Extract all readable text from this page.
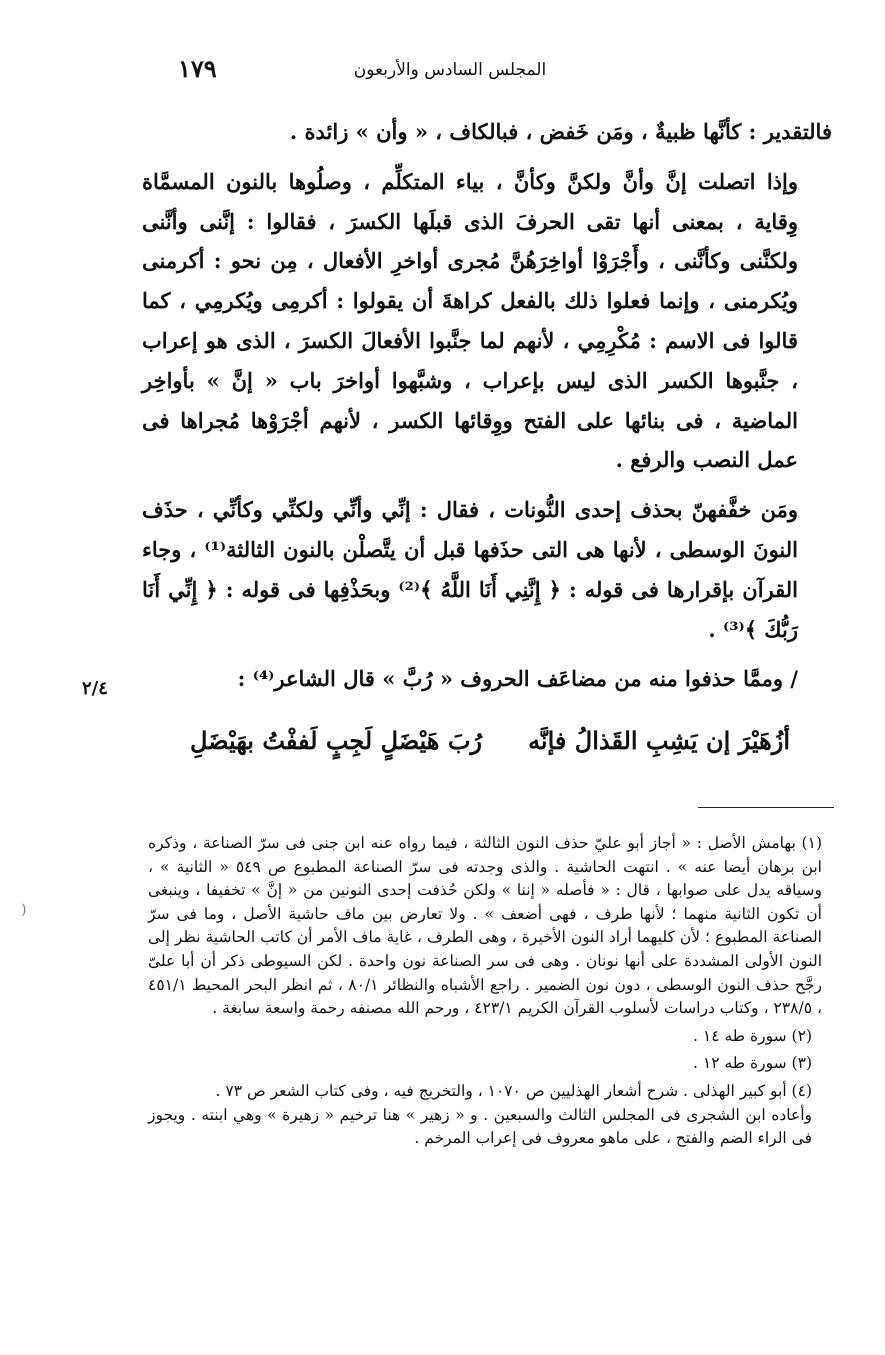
١٧٩	المجلس السادس والأربعون

فالتقدير : كأنَّها ظبيةٌ ، ومَن خَفض ، فبالكاف ، « وأن » زائدة .

وإذا اتصلت إنَّ وأنَّ ولكنَّ وكأنَّ ، بياء المتكلِّم ، وصلُوها بالنون المسمَّاة وِقاية ، بمعنى أنها تقى الحرفَ الذى قبلَها الكسرَ ، فقالوا : إنَّنى وأنَّنى ولكنَّنى وكأنَّنى ، وأَجْرَوْا أواخِرَهُنَّ مُجرى أواخرِ الأفعال ، مِن نحو : أكرمنى ويُكرمنى ، وإنما فعلوا ذلك بالفعل كراهةَ أن يقولوا : أكرمِى ويُكرمِي ، كما قالوا فى الاسم : مُكْرِمِي ، لأنهم لما جنَّبوا الأفعالَ الكسرَ ، الذى هو إعراب ، جنَّبوها الكسر الذى ليس بإعراب ، وشبَّهوا أواخرَ باب « إنَّ » بأواخِر الماضية ، فى بنائها على الفتح ووِقائها الكسر ، لأنهم أجْرَوْها مُجراها فى عمل النصب والرفع .

ومَن خفَّفهنّ بحذف إحدى النُّونات ، فقال : إنِّي وأنِّي ولكنِّي وكأنِّي ، حذَف النونَ الوسطى ، لأنها هى التى حذَفها قبل أن يتَّصلْن بالنون الثالثة⁽¹⁾ ، وجاء القرآن بإقرارها فى قوله : ﴿ إِنَّنِي أَنَا اللَّهُ ﴾⁽²⁾ وبحَذْفِها فى قوله : ﴿ إِنِّي أَنَا رَبُّكَ ﴾⁽³⁾ .

/ وممَّا حذفوا منه من مضاعَف الحروف « رُبَّ » قال الشاعر⁽⁴⁾ :

٢/٤
أزُهَيْرَ إن يَشِبِ القَذالُ فإنَّه
رُبَ هَيْضَلٍ لَجِبٍ لَففْتُ بهَيْضَلِ

(١) بهامش الأصل : « أجاز أبو عليّ حذف النون الثالثة ، فيما رواه عنه ابن جنى فى سرّ الصناعة ، وذكره ابن برهان أيضا عنه » . انتهت الحاشية . والذى وجدته فى سرّ الصناعة المطبوع ص ٥٤٩ « الثانية » ، وسياقه يدل على صوابها ، قال : « فأصله « إننا » ولكن حُذفت إحدى النونين من « إنَّ » تخفيفا ، وينبغى أن تكون الثانية منهما ؛ لأنها طرف ، فهى أضعف » . ولا تعارض بين ماف حاشية الأصل ، وما فى سرّ الصناعة المطبوع ؛ لأن كليهما أراد النون الأخيرة ، وهى الطرف ، غاية ماف الأمر أن كاتب الحاشية نظر إلى النون الأولى المشددة على أنها نونان . وهى فى سر الصناعة نون واحدة . لكن السيوطى ذكر أن أبا علىّ رجَّح حذف النون الوسطى ، دون نون الضمير . راجع الأشباه والنظائر ٨٠/١ ، ثم انظر البحر المحيط ٤٥١/١ ، ٢٣٨/٥ ، وكتاب دراسات لأسلوب القرآن الكريم ٤٢٣/١ ، ورحم الله مصنفه رحمة واسعة سابغة .

(٢) سورة طه ١٤ .

(٣) سورة طه ١٢ .

(٤) أبو كبير الهذلى . شرح أشعار الهذليين ص ١٠٧٠ ، والتخريج فيه ، وفى كتاب الشعر ص ٧٣ .

وأعاده ابن الشجرى فى المجلس الثالث والسبعين . و « زهير » هنا ترخيم « زهيرة » وهي ابنته . ويجوز فى الراء الضم والفتح ، على ماهو معروف فى إعراب المرخم .

)
